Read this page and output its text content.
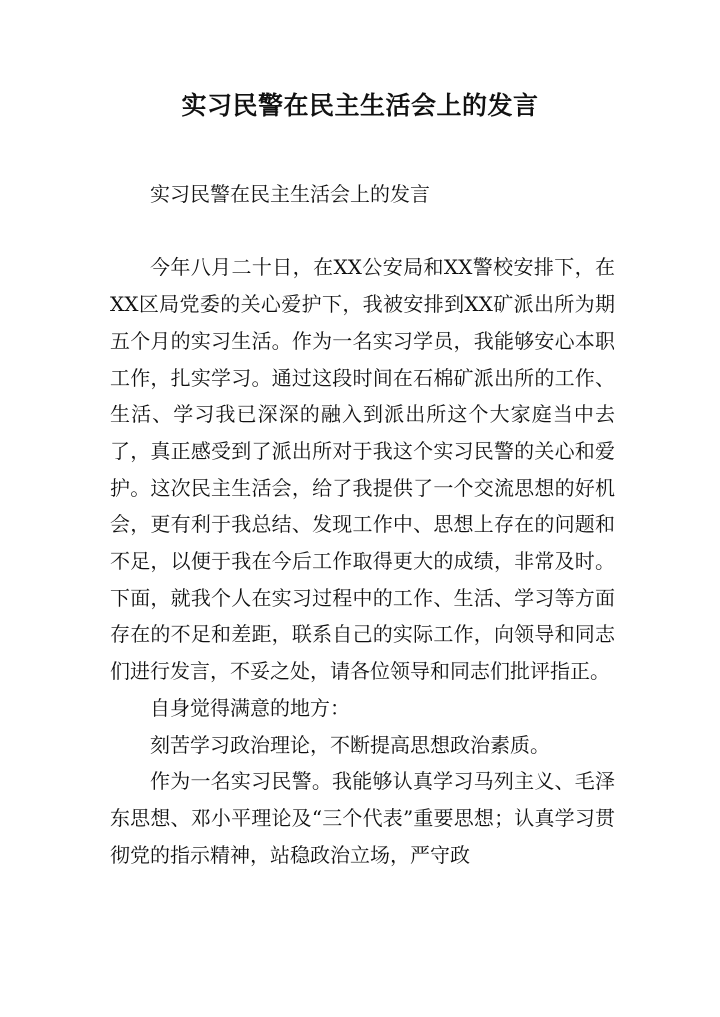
实习民警在民主生活会上的发言

实习民警在民主生活会上的发言

今年八月二十日，在XX公安局和XX警校安排下，在XX区局党委的关心爱护下，我被安排到XX矿派出所为期五个月的实习生活。作为一名实习学员，我能够安心本职工作，扎实学习。通过这段时间在石棉矿派出所的工作、生活、学习我已深深的融入到派出所这个大家庭当中去了，真正感受到了派出所对于我这个实习民警的关心和爱护。这次民主生活会，给了我提供了一个交流思想的好机会，更有利于我总结、发现工作中、思想上存在的问题和不足，以便于我在今后工作取得更大的成绩，非常及时。下面，就我个人在实习过程中的工作、生活、学习等方面存在的不足和差距，联系自己的实际工作，向领导和同志们进行发言，不妥之处，请各位领导和同志们批评指正。

自身觉得满意的地方：

刻苦学习政治理论，不断提高思想政治素质。

作为一名实习民警。我能够认真学习马列主义、毛泽东思想、邓小平理论及“三个代表”重要思想；认真学习贯彻党的指示精神，站稳政治立场，严守政
